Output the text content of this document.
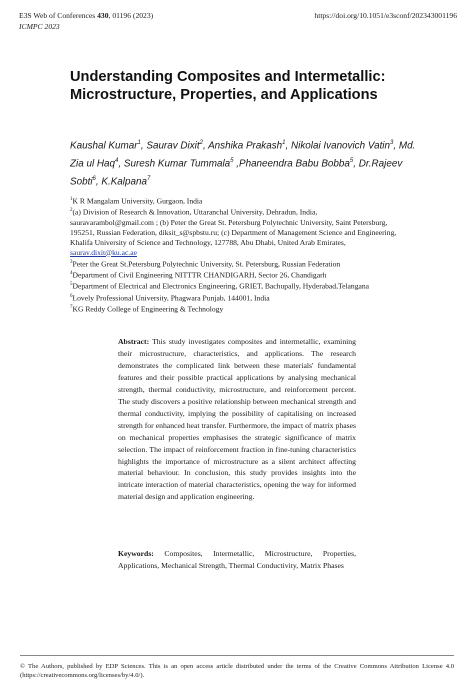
E3S Web of Conferences 430, 01196 (2023)	https://doi.org/10.1051/e3sconf/202343001196
ICMPC 2023
Understanding Composites and Intermetallic: Microstructure, Properties, and Applications
Kaushal Kumar$^1$, Saurav Dixit$^2$, Anshika Prakash$^1$, Nikolai Ivanovich Vatin$^3$, Md. Zia ul Haq$^4$, Suresh Kumar Tummala$^5$ ,Phaneendra Babu Bobba$^5$, Dr.Rajeev Sobti$^6$, K.Kalpana$^7$
$^1$K R Mangalam University, Gurgaon, India
$^2$(a) Division of Research & Innovation, Uttaranchal University, Dehradun, India, sauravarambol@gmail.com ; (b) Peter the Great St. Petersburg Polytechnic University, Saint Petersburg, 195251, Russian Federation, diksit_s@spbstu.ru; (c) Department of Management Science and Engineering, Khalifa University of Science and Technology, 127788, Abu Dhabi, United Arab Emirates, saurav.dixit@ku.ac.ae
$^3$Peter the Great St.Petersburg Polytechnic University, St. Petersburg, Russian Federation
$^4$Department of Civil Engineering NITTTR CHANDIGARH, Sector 26, Chandigarh
$^5$Department of Electrical and Electronics Engineering, GRIET, Bachupally, Hyderabad,Telangana
$^6$Lovely Professional University, Phagwara Punjab, 144001, India
$^7$KG Reddy College of Engineering & Technology
Abstract: This study investigates composites and intermetallic, examining their microstructure, characteristics, and applications. The research demonstrates the complicated link between these materials' fundamental features and their possible practical applications by analysing mechanical strength, thermal conductivity, microstructure, and reinforcement percent. The study discovers a positive relationship between mechanical strength and thermal conductivity, implying the possibility of capitalising on increased strength for enhanced heat transfer. Furthermore, the impact of matrix phases on mechanical properties emphasises the strategic significance of matrix selection. The impact of reinforcement fraction in fine-tuning characteristics highlights the importance of microstructure as a silent architect affecting material behaviour. In conclusion, this study provides insights into the intricate interaction of material characteristics, opening the way for informed material design and application engineering.
Keywords: Composites, Intermetallic, Microstructure, Properties, Applications, Mechanical Strength, Thermal Conductivity, Matrix Phases
© The Authors, published by EDP Sciences. This is an open access article distributed under the terms of the Creative Commons Attribution License 4.0 (https://creativecommons.org/licenses/by/4.0/).
